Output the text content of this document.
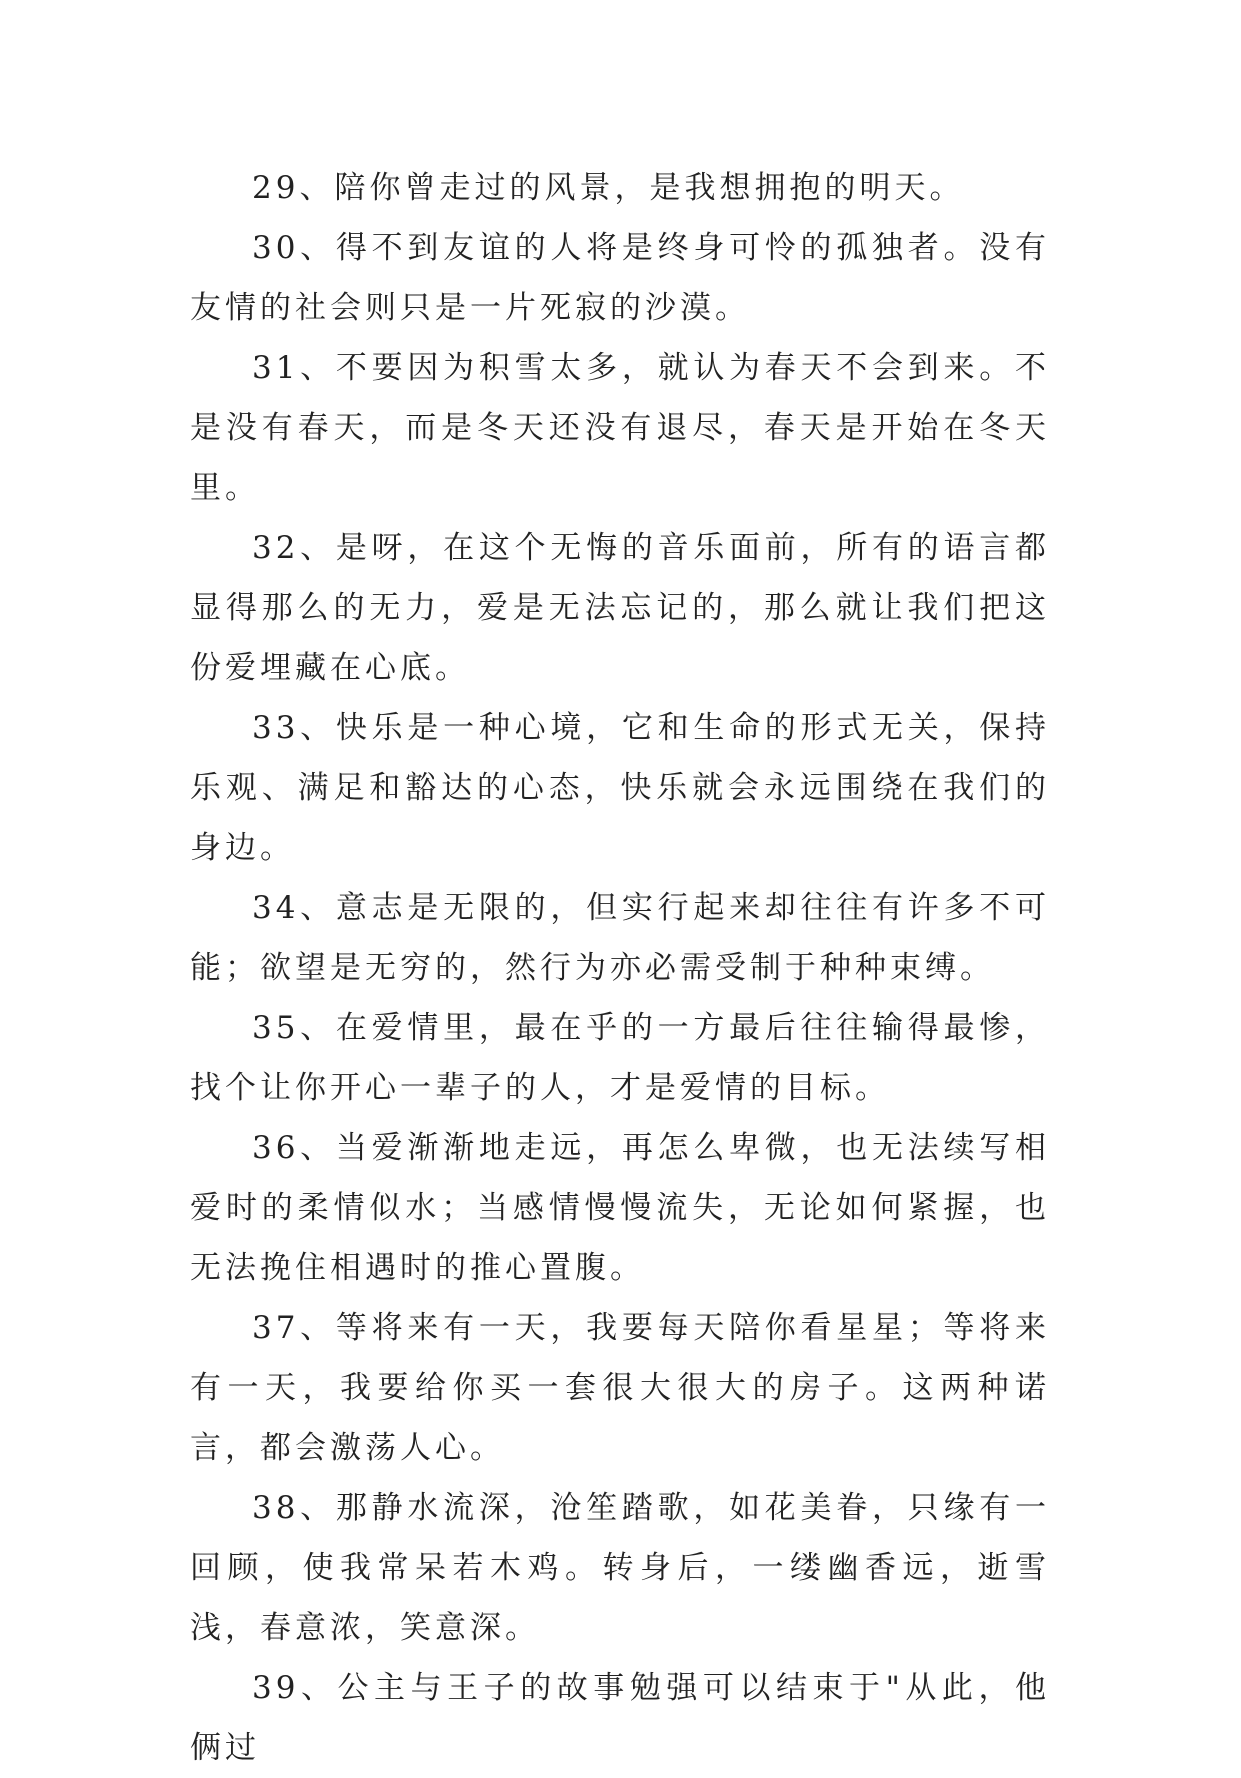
29、陪你曾走过的风景，是我想拥抱的明天。

30、得不到友谊的人将是终身可怜的孤独者。没有友情的社会则只是一片死寂的沙漠。

31、不要因为积雪太多，就认为春天不会到来。不是没有春天，而是冬天还没有退尽，春天是开始在冬天里。

32、是呀，在这个无悔的音乐面前，所有的语言都显得那么的无力，爱是无法忘记的，那么就让我们把这份爱埋藏在心底。

33、快乐是一种心境，它和生命的形式无关，保持乐观、满足和豁达的心态，快乐就会永远围绕在我们的身边。

34、意志是无限的，但实行起来却往往有许多不可能；欲望是无穷的，然行为亦必需受制于种种束缚。

35、在爱情里，最在乎的一方最后往往输得最惨，找个让你开心一辈子的人，才是爱情的目标。

36、当爱渐渐地走远，再怎么卑微，也无法续写相爱时的柔情似水；当感情慢慢流失，无论如何紧握，也无法挽住相遇时的推心置腹。

37、等将来有一天，我要每天陪你看星星；等将来有一天，我要给你买一套很大很大的房子。这两种诺言，都会激荡人心。

38、那静水流深，沧笙踏歌，如花美眷，只缘有一回顾，使我常呆若木鸡。转身后，一缕幽香远，逝雪浅，春意浓，笑意深。

39、公主与王子的故事勉强可以结束于"从此，他俩过
